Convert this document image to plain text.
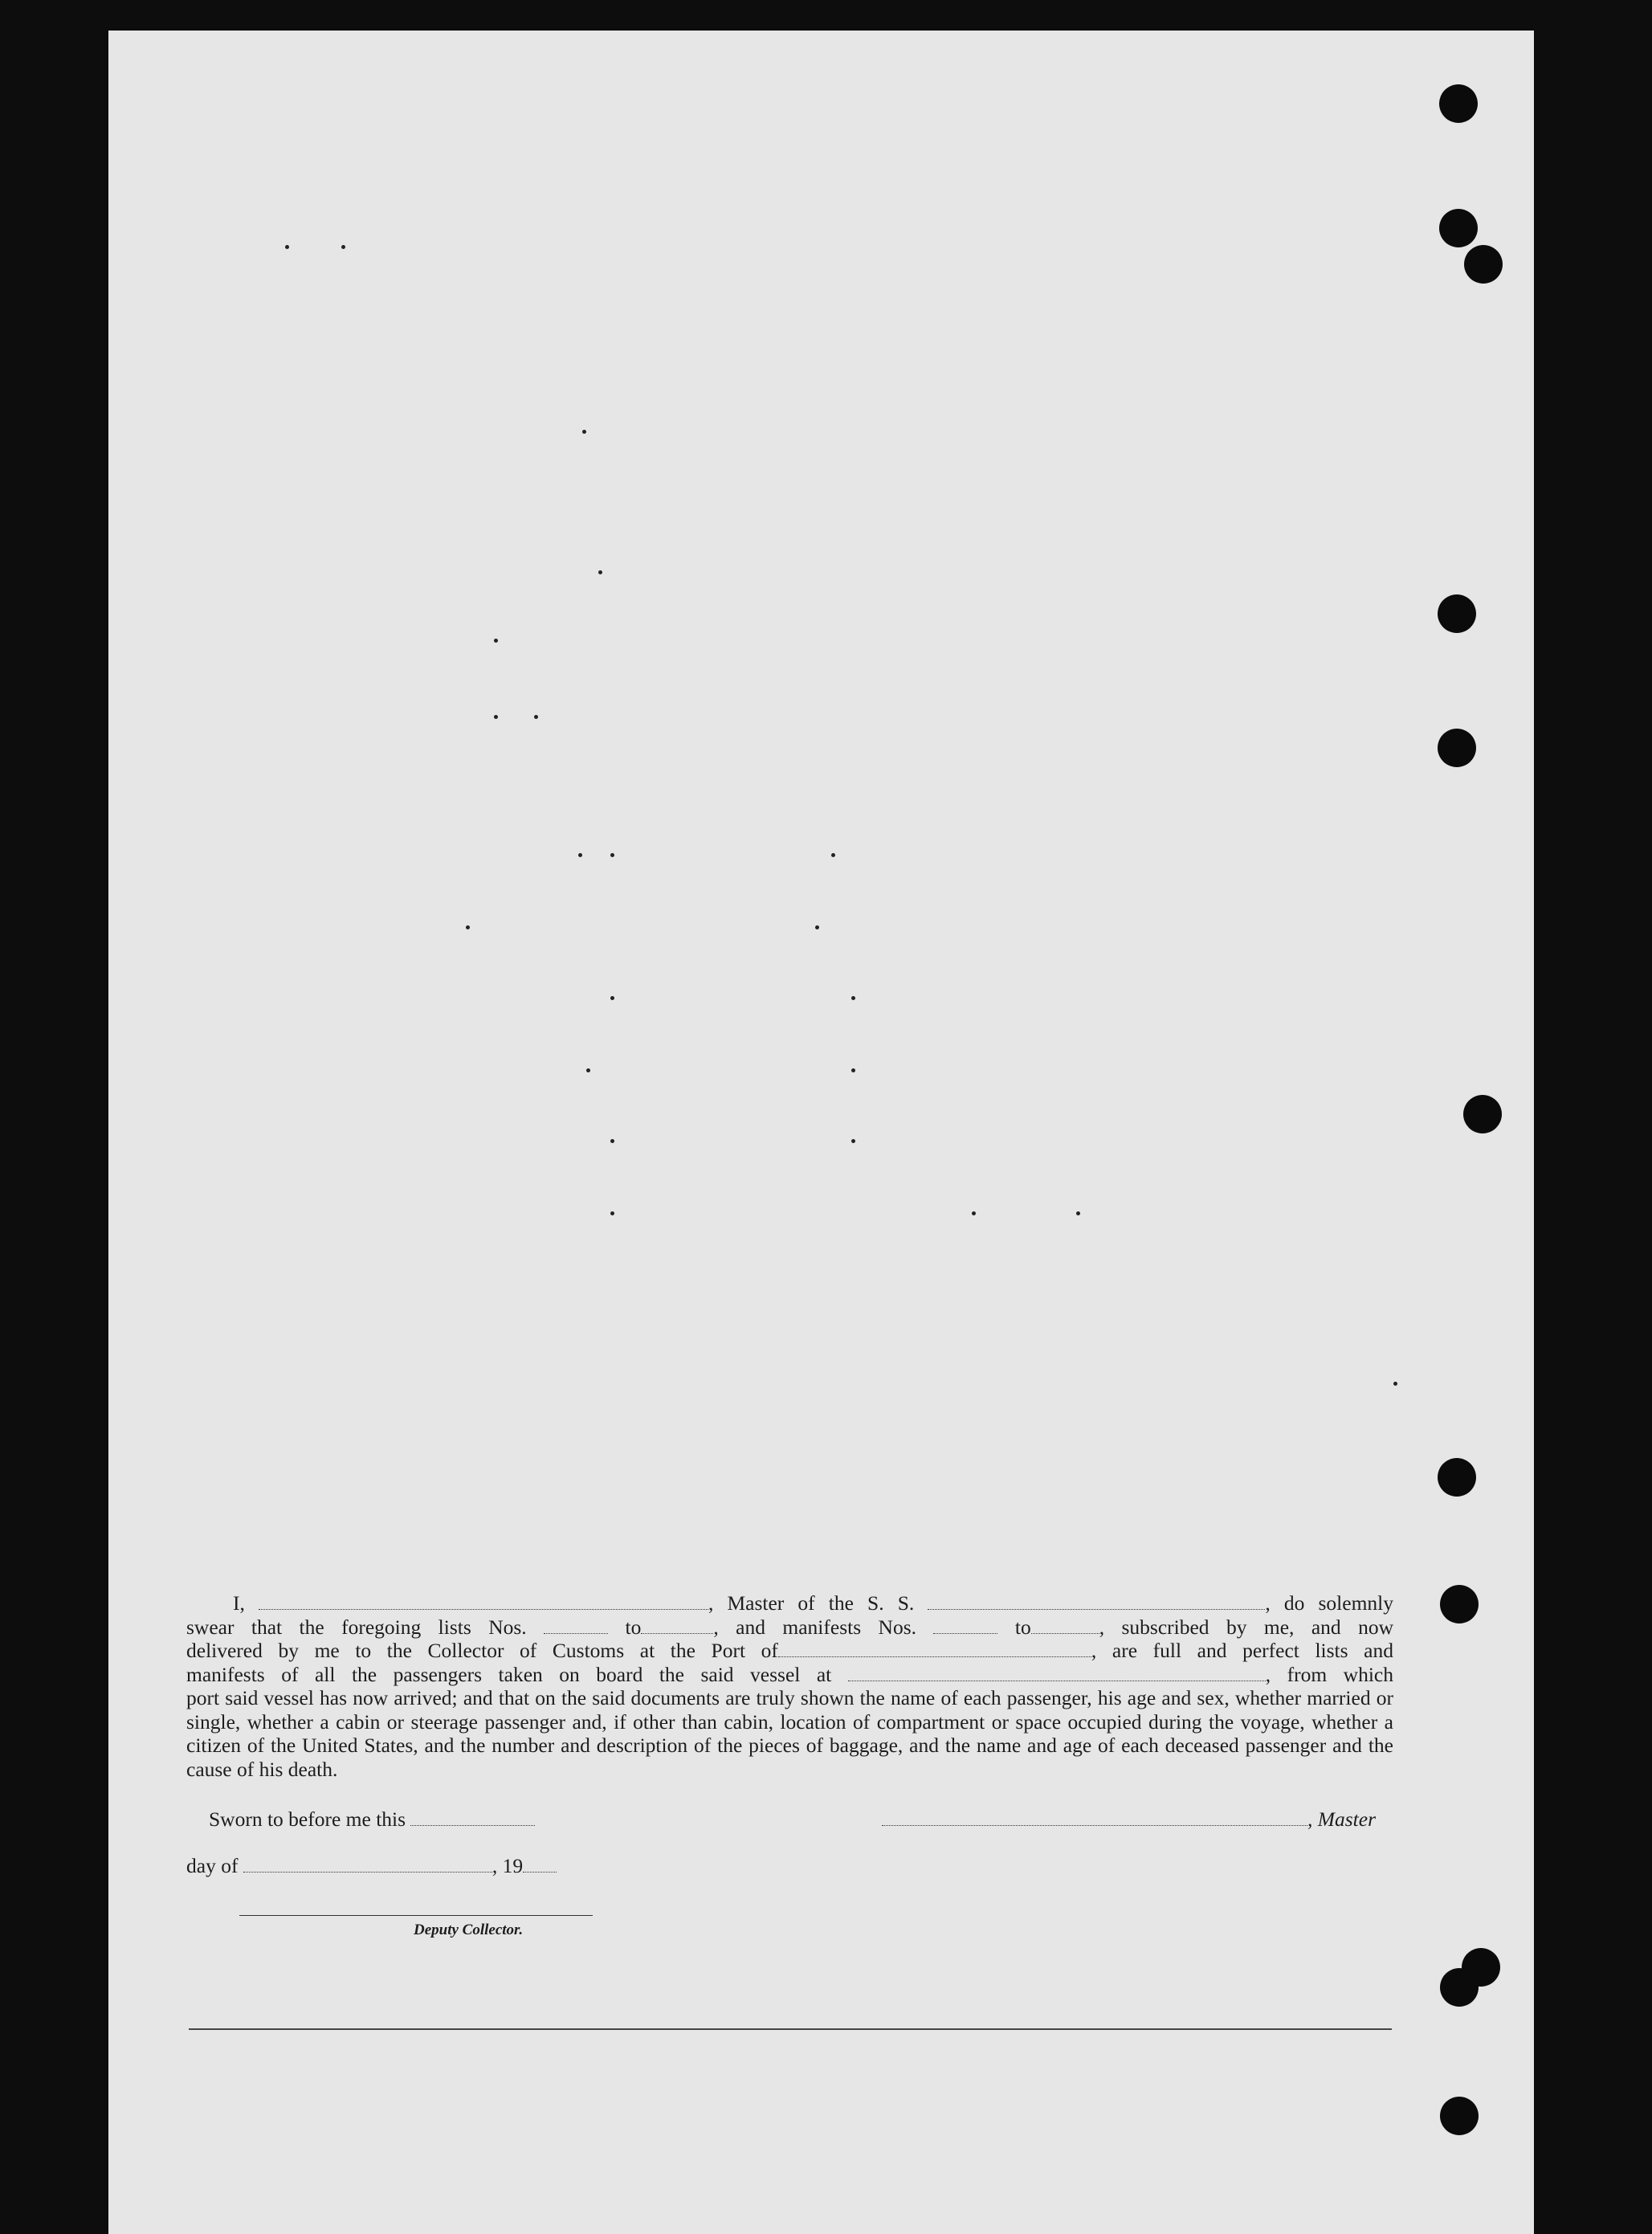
I,	, Master of the S. S.	, do solemnly

swear that the foregoing lists Nos.	to	, and manifests Nos.	to	, subscribed by me, and now

delivered by me to the Collector of Customs at the Port of	, are full and perfect lists and

manifests of all the passengers taken on board the said vessel at	, from which

port said vessel has now arrived; and that on the said documents are truly shown the name of each passenger, his age and sex, whether married or single, whether a cabin or steerage passenger and, if other than cabin, location of compartment or space occupied during the voyage, whether a citizen of the United States, and the number and description of the pieces of baggage, and the name and age of each deceased passenger and the cause of his death.

Sworn to before me this	, Master
day of	, 19
Deputy Collector.
